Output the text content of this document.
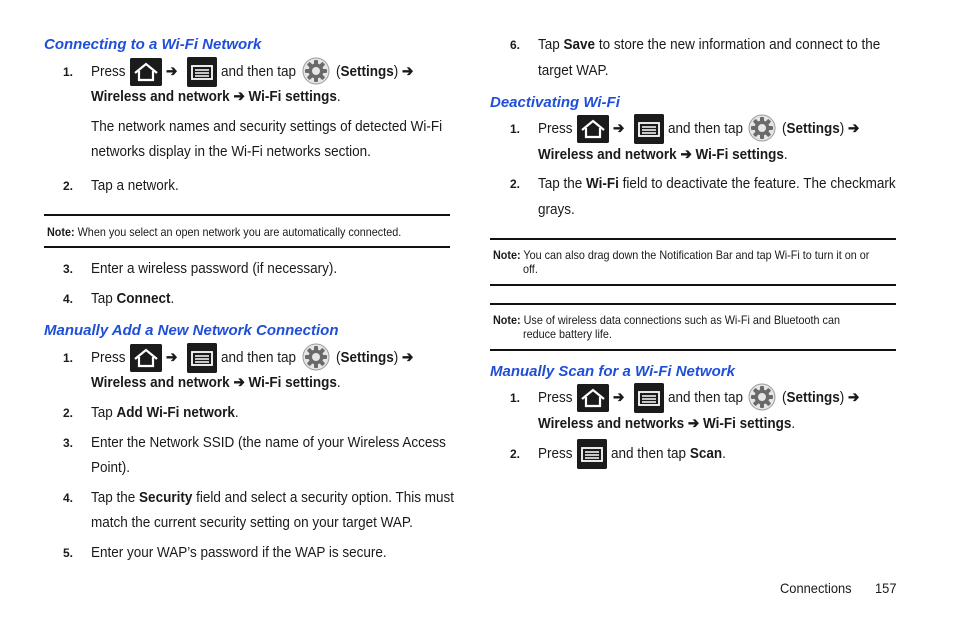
Connecting to a Wi-Fi Network
1. Press	➔	and then tap	(Settings) ➔
Wireless and network ➔ Wi-Fi settings.
The network names and security settings of detected Wi-Fi
networks display in the Wi-Fi networks section.
2. Tap a network.
Note: When you select an open network you are automatically connected.
3. Enter a wireless password (if necessary).
4. Tap Connect.
Manually Add a New Network Connection
1. Press	➔	and then tap	(Settings) ➔
Wireless and network ➔ Wi-Fi settings.
2. Tap Add Wi-Fi network.
3. Enter the Network SSID (the name of your Wireless Access
Point).
4. Tap the Security field and select a security option. This must
match the current security setting on your target WAP.
5. Enter your WAP’s password if the WAP is secure.
6. Tap Save to store the new information and connect to the
target WAP.
Deactivating Wi-Fi
1. Press	➔	and then tap	(Settings) ➔
Wireless and network ➔ Wi-Fi settings.
2. Tap the Wi-Fi field to deactivate the feature. The checkmark
grays.
Note: You can also drag down the Notification Bar and tap Wi-Fi to turn it on or
off.
Note: Use of wireless data connections such as Wi-Fi and Bluetooth can
reduce battery life.
Manually Scan for a Wi-Fi Network
1. Press	➔	and then tap	(Settings) ➔
Wireless and networks ➔ Wi-Fi settings.
2. Press	and then tap Scan.
Connections 157
